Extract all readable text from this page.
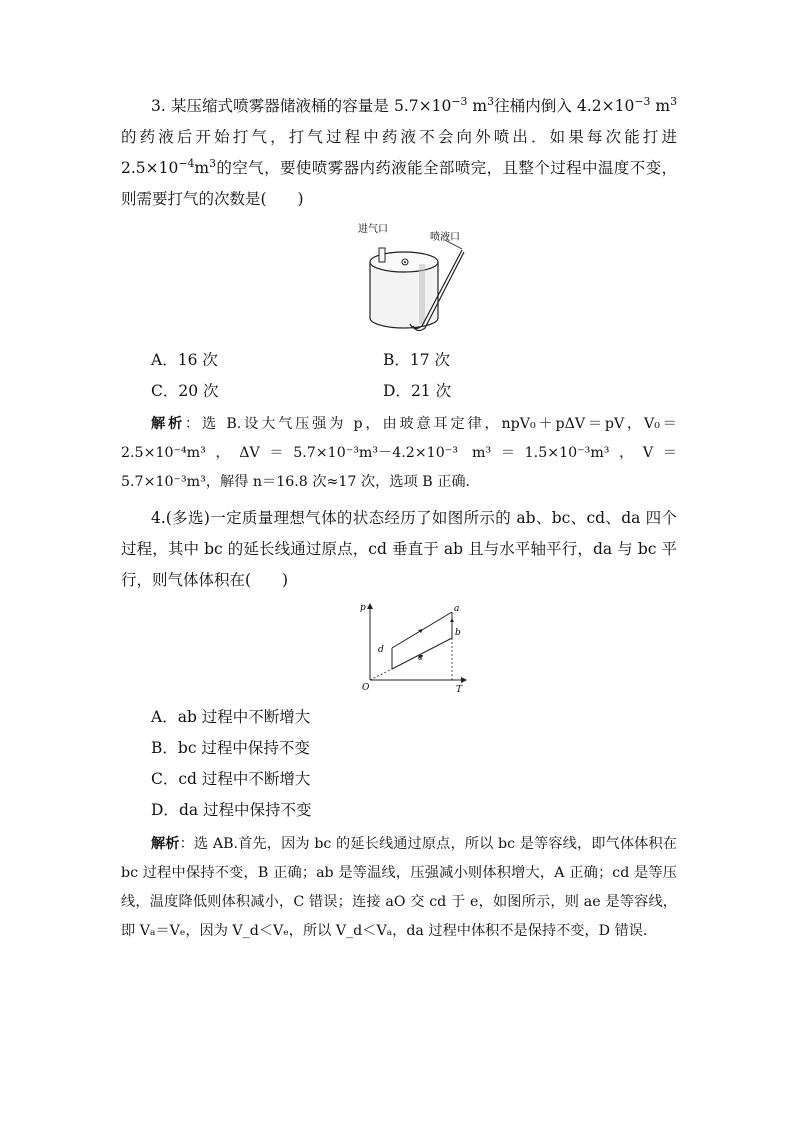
3. 某压缩式喷雾器储液桶的容量是 $5.7\times 10^{-3}$ $m^3$往桶内倒入 $4.2\times 10^{-3}$ $m^3$的药液后开始打气，打气过程中药液不会向外喷出．如果每次能打进 $2.5\times 10^{-4}m^3$的空气，要使喷雾器内药液能全部喷完，且整个过程中温度不变，则需要打气的次数是(　　)

进气口
喷液口
A．16 次	B．17 次
C．20 次	D．21 次

解析：选 B.设大气压强为 p，由玻意耳定律，npV₀＋pΔV＝pV，V₀＝2.5×10⁻⁴m³，ΔV＝5.7×10⁻³m³－4.2×10⁻³ m³＝1.5×10⁻³m³，V＝5.7×10⁻³m³，解得 n＝16.8 次≈17 次，选项 B 正确．

4.(多选)一定质量理想气体的状态经历了如图所示的 ab、bc、cd、da 四个过程，其中 bc 的延长线通过原点，cd 垂直于 ab 且与水平轴平行，da 与 bc 平行，则气体体积在(　　)

p
T
O
a
b
c
d
A．ab 过程中不断增大
B．bc 过程中保持不变
C．cd 过程中不断增大
D．da 过程中保持不变

解析：选 AB.首先，因为 bc 的延长线通过原点，所以 bc 是等容线，即气体体积在 bc 过程中保持不变，B 正确；ab 是等温线，压强减小则体积增大，A 正确；cd 是等压线，温度降低则体积减小，C 错误；连接 aO 交 cd 于 e，如图所示，则 ae 是等容线，即 Vₐ＝Vₑ，因为 V_d＜Vₑ，所以 V_d＜Vₐ，da 过程中体积不是保持不变，D 错误．
